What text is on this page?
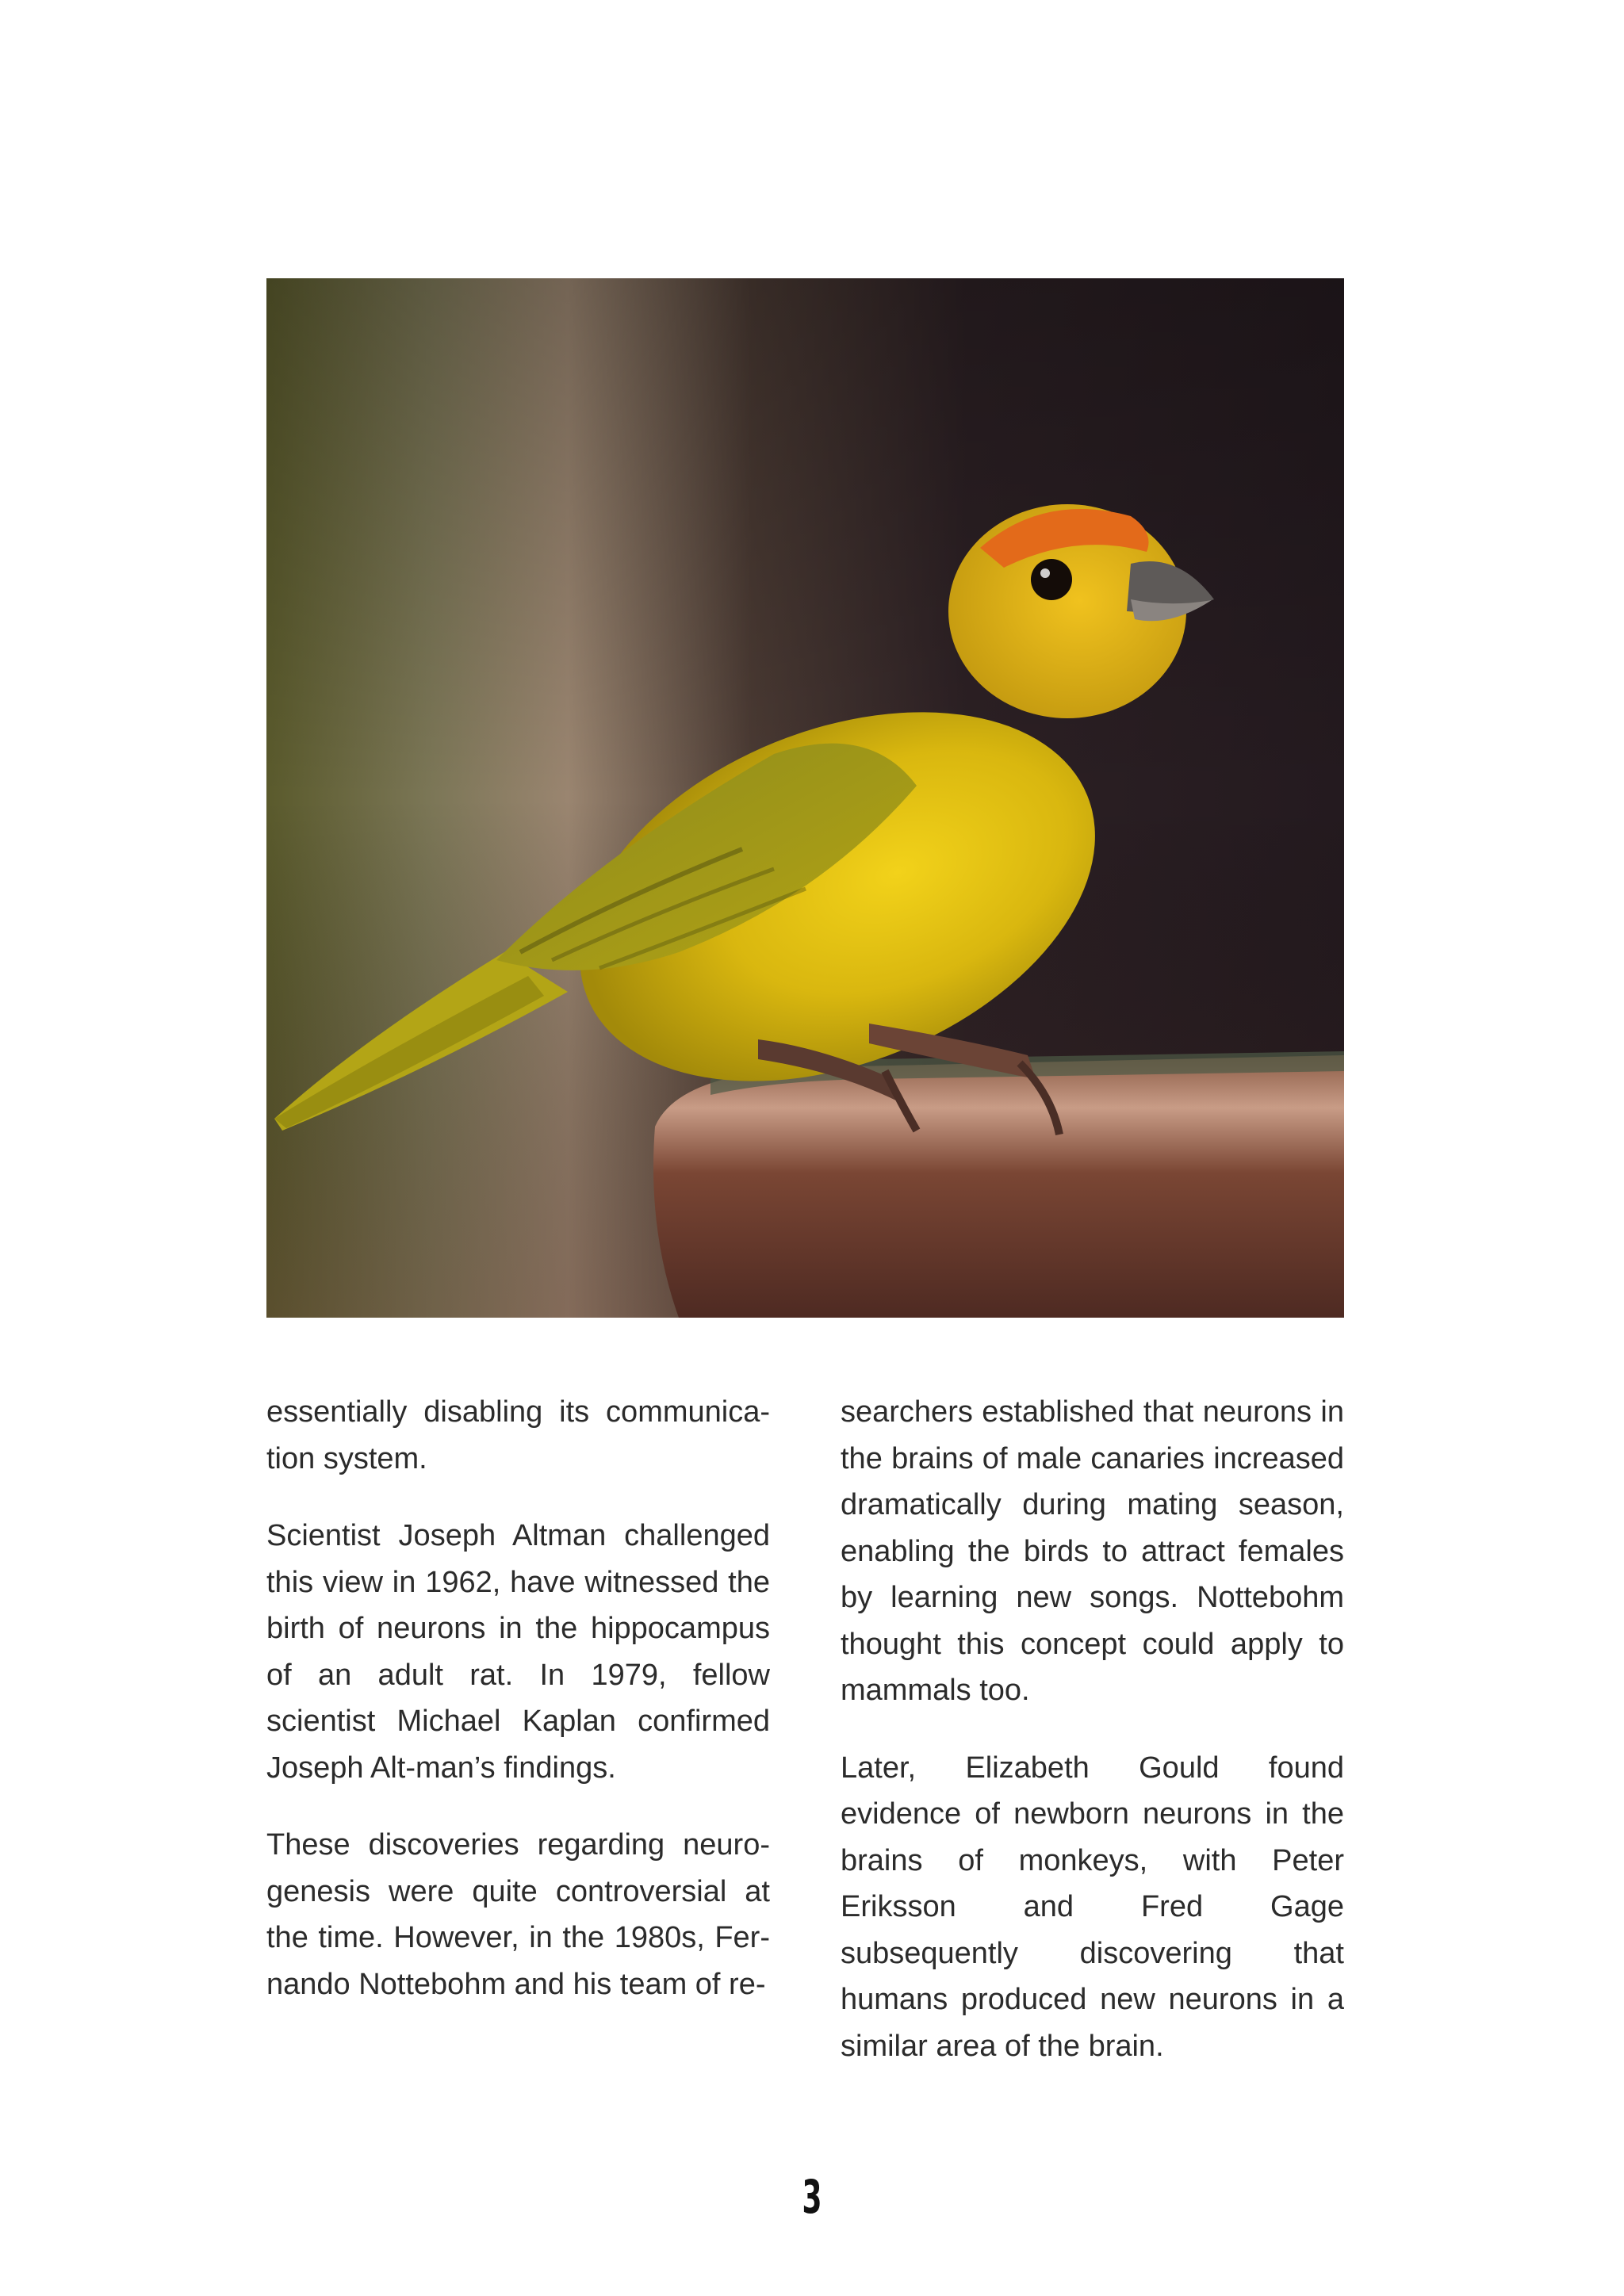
essentially disabling its communica-tion system.

Scientist Joseph Altman challenged this view in 1962, have witnessed the birth of neurons in the hippocampus of an adult rat. In 1979, fellow scientist Michael Kaplan confirmed Joseph Alt-man’s findings.

These discoveries regarding neuro-genesis were quite controversial at the time. However, in the 1980s, Fer-nando Nottebohm and his team of re-

searchers established that neurons in the brains of male canaries increased dramatically during mating season, enabling the birds to attract females by learning new songs. Nottebohm thought this concept could apply to mammals too.

Later, Elizabeth Gould found evidence of newborn neurons in the brains of monkeys, with Peter Eriksson and Fred Gage subsequently discovering that humans produced new neurons in a similar area of the brain.

3
